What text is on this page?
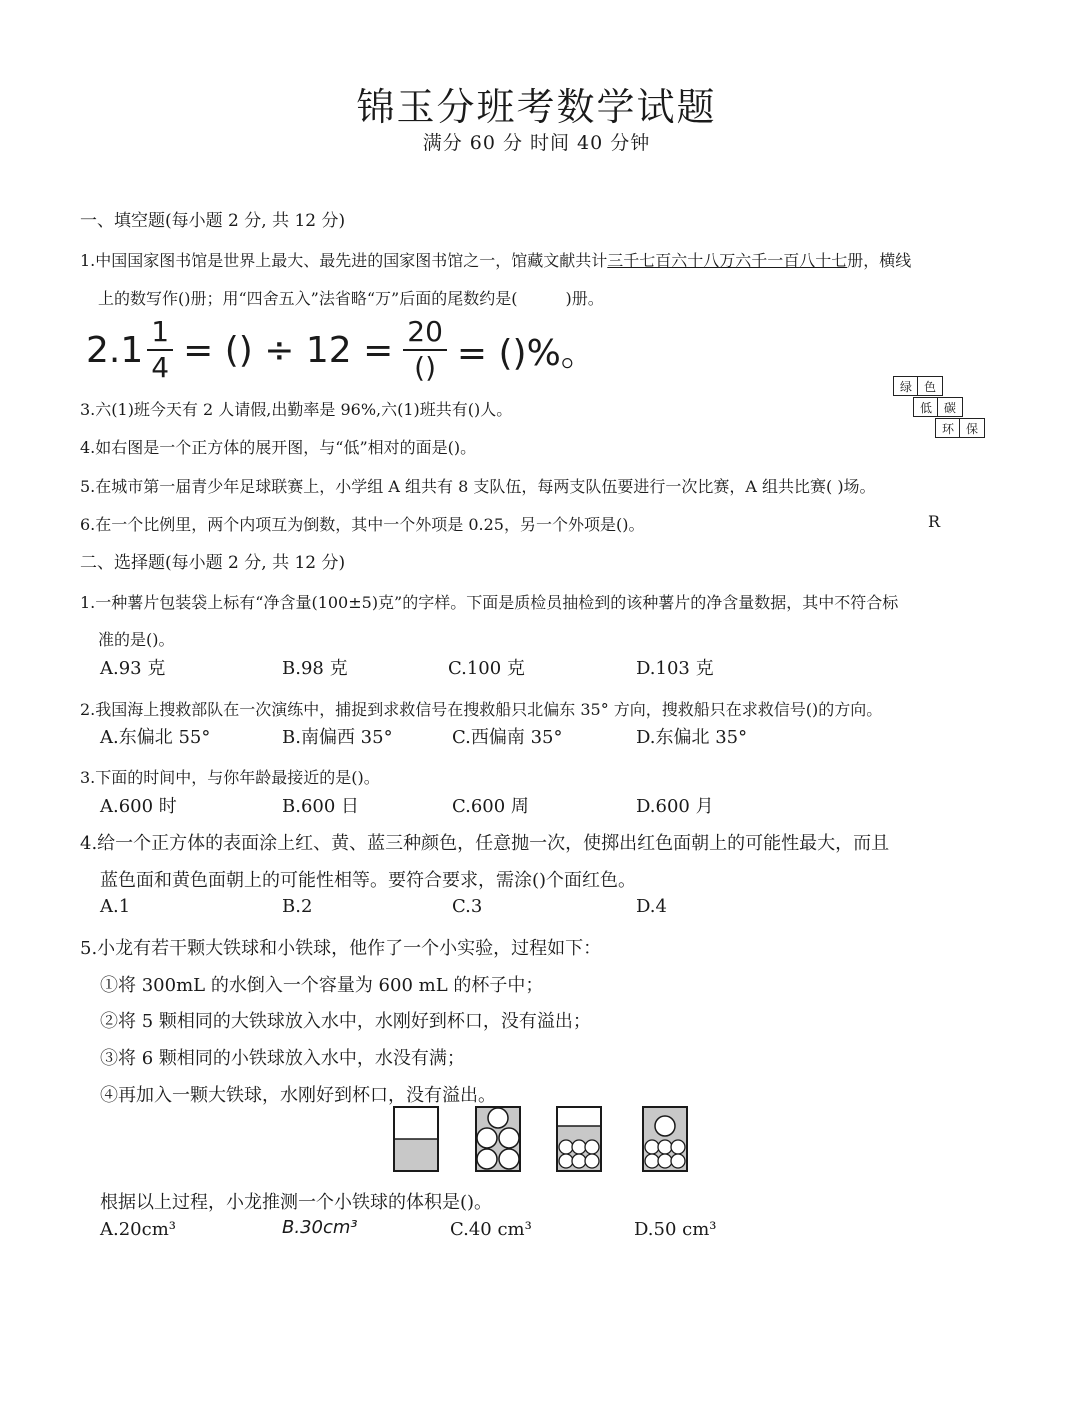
锦玉分班考数学试题
满分 60 分 时间 40 分钟
一、填空题(每小题 2 分, 共 12 分)
1.中国国家图书馆是世界上最大、最先进的国家图书馆之一，馆藏文献共计三千七百六十八万六千一百八十七册，横线
上的数写作()册；用“四舍五入”法省略“万”后面的尾数约是(　　　)册。
$2.1 \frac{1}{4}$ = () ÷ $12 = \frac{20}{()}$ = ()%。
3.六(1)班今天有 2 人请假,出勤率是 96%,六(1)班共有()人。
4.如右图是一个正方体的展开图，与“低”相对的面是()。
5.在城市第一届青少年足球联赛上，小学组 A 组共有 8 支队伍，每两支队伍要进行一次比赛，A 组共比赛( )场。
6.在一个比例里，两个内项互为倒数，其中一个外项是 0.25，另一个外项是()。	R
绿 色
低 碳
环 保
二、选择题(每小题 2 分, 共 12 分)
1.一种薯片包装袋上标有“净含量(100±5)克”的字样。下面是质检员抽检到的该种薯片的净含量数据，其中不符合标
准的是()。
A.93 克	B.98 克	C.100 克	D.103 克
2.我国海上搜救部队在一次演练中，捕捉到求救信号在搜救船只北偏东 35° 方向，搜救船只在求救信号()的方向。
A.东偏北 55°	B.南偏西 35°	C.西偏南 35°	D.东偏北 35°
3.下面的时间中，与你年龄最接近的是()。
A.600 时	B.600 日	C.600 周	D.600 月
4.给一个正方体的表面涂上红、黄、蓝三种颜色，任意抛一次，使掷出红色面朝上的可能性最大，而且
蓝色面和黄色面朝上的可能性相等。要符合要求，需涂()个面红色。
A.1	B.2	C.3	D.4
5.小龙有若干颗大铁球和小铁球，他作了一个小实验，过程如下：
①将 300mL 的水倒入一个容量为 600 mL 的杯子中；
②将 5 颗相同的大铁球放入水中，水刚好到杯口，没有溢出；
③将 6 颗相同的小铁球放入水中，水没有满；
④再加入一颗大铁球，水刚好到杯口，没有溢出。
根据以上过程，小龙推测一个小铁球的体积是()。
A.20cm³	B.30cm³	C.40 cm³	D.50 cm³
